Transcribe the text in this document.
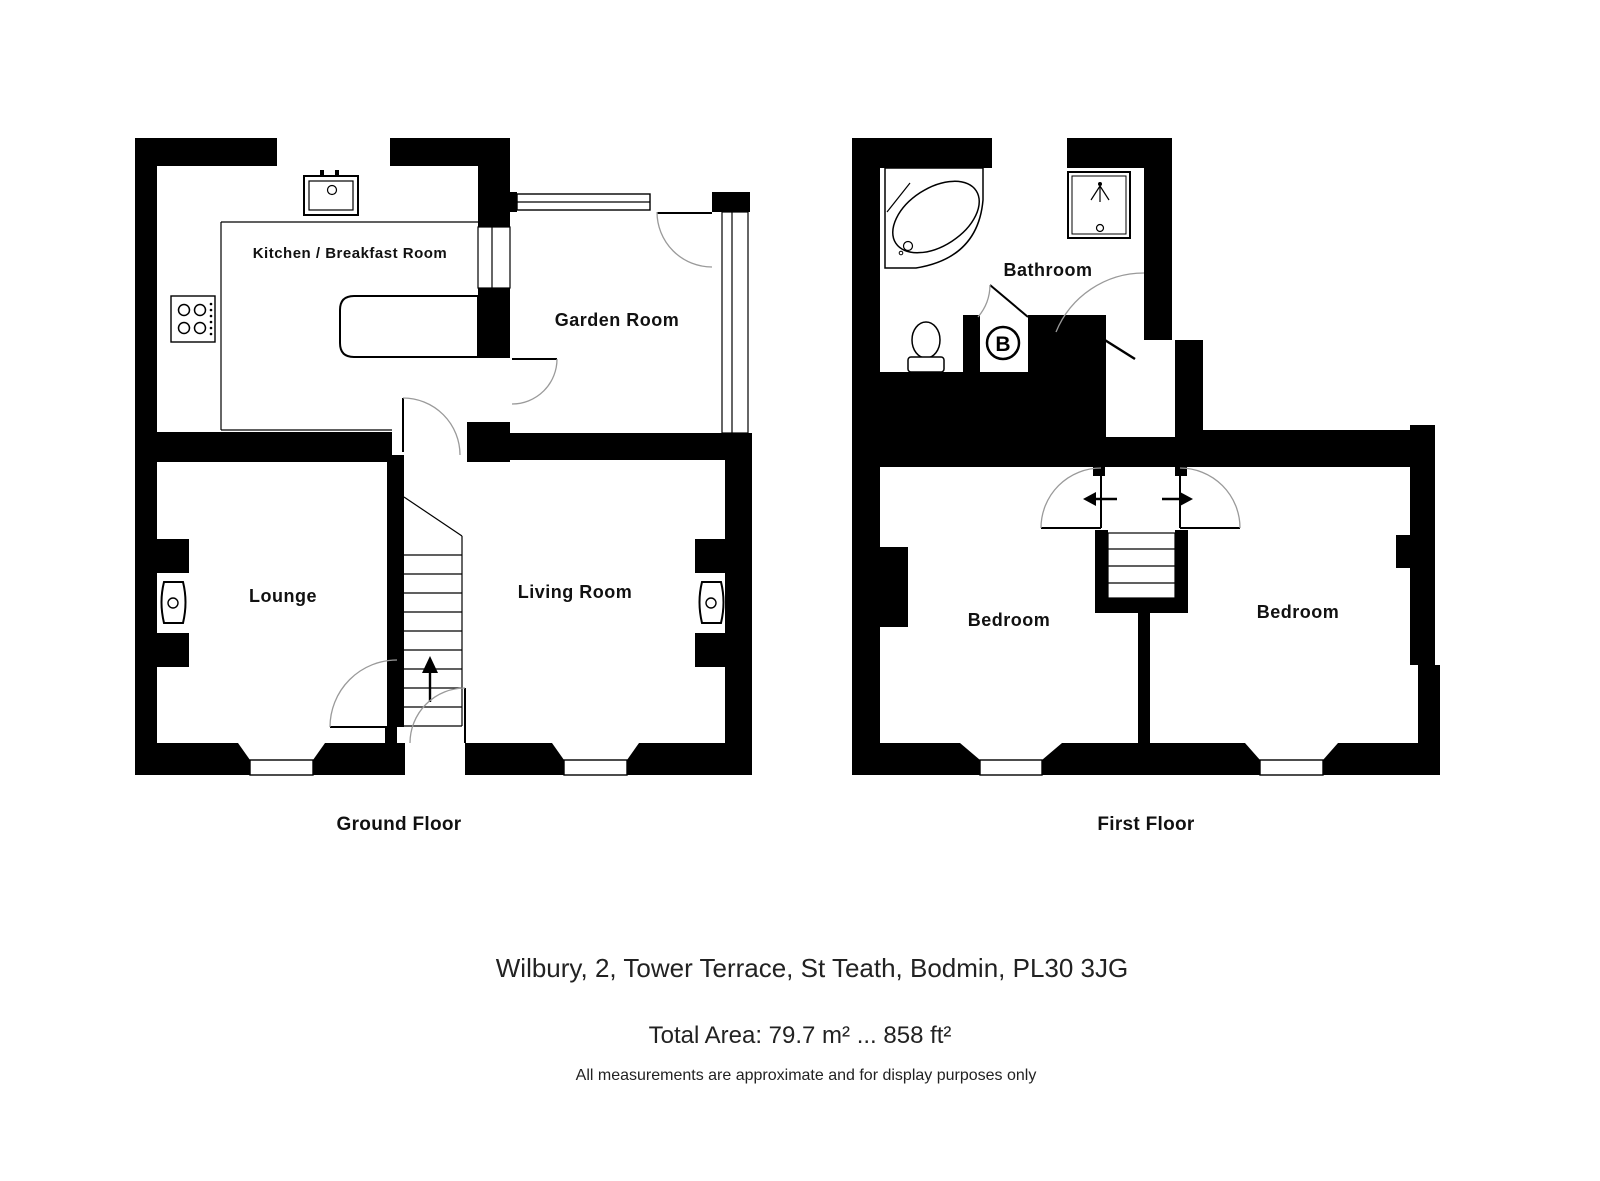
Kitchen / Breakfast Room
Garden Room
Lounge	Living Room
Ground Floor
B
Bathroom
Bedroom	Bedroom
First Floor
Wilbury, 2, Tower Terrace, St Teath, Bodmin, PL30 3JG
Total Area: 79.7 m² ... 858 ft²
All measurements are approximate and for display purposes only
